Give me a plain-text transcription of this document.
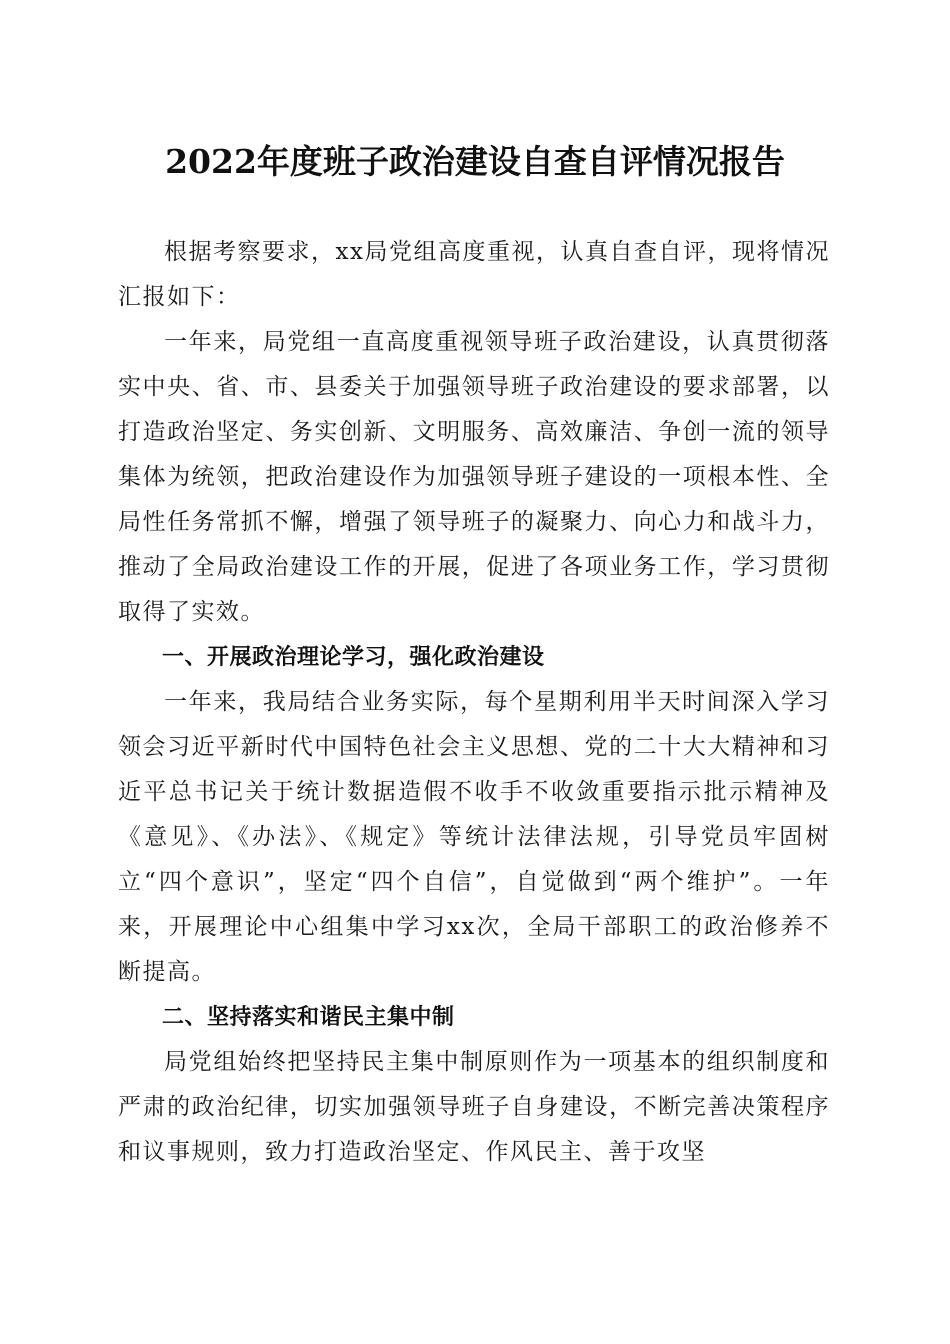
2022年度班子政治建设自查自评情况报告

根据考察要求，xx局党组高度重视，认真自查自评，现将情况汇报如下：

一年来，局党组一直高度重视领导班子政治建设，认真贯彻落实中央、省、市、县委关于加强领导班子政治建设的要求部署，以打造政治坚定、务实创新、文明服务、高效廉洁、争创一流的领导集体为统领，把政治建设作为加强领导班子建设的一项根本性、全局性任务常抓不懈，增强了领导班子的凝聚力、向心力和战斗力，推动了全局政治建设工作的开展，促进了各项业务工作，学习贯彻取得了实效。

一、开展政治理论学习，强化政治建设

一年来，我局结合业务实际，每个星期利用半天时间深入学习领会习近平新时代中国特色社会主义思想、党的二十大大精神和习近平总书记关于统计数据造假不收手不收敛重要指示批示精神及《意见》、《办法》、《规定》等统计法律法规，引导党员牢固树立“四个意识”，坚定“四个自信”，自觉做到“两个维护”。一年来，开展理论中心组集中学习xx次，全局干部职工的政治修养不断提高。

二、坚持落实和谐民主集中制

局党组始终把坚持民主集中制原则作为一项基本的组织制度和严肃的政治纪律，切实加强领导班子自身建设，不断完善决策程序和议事规则，致力打造政治坚定、作风民主、善于攻坚
